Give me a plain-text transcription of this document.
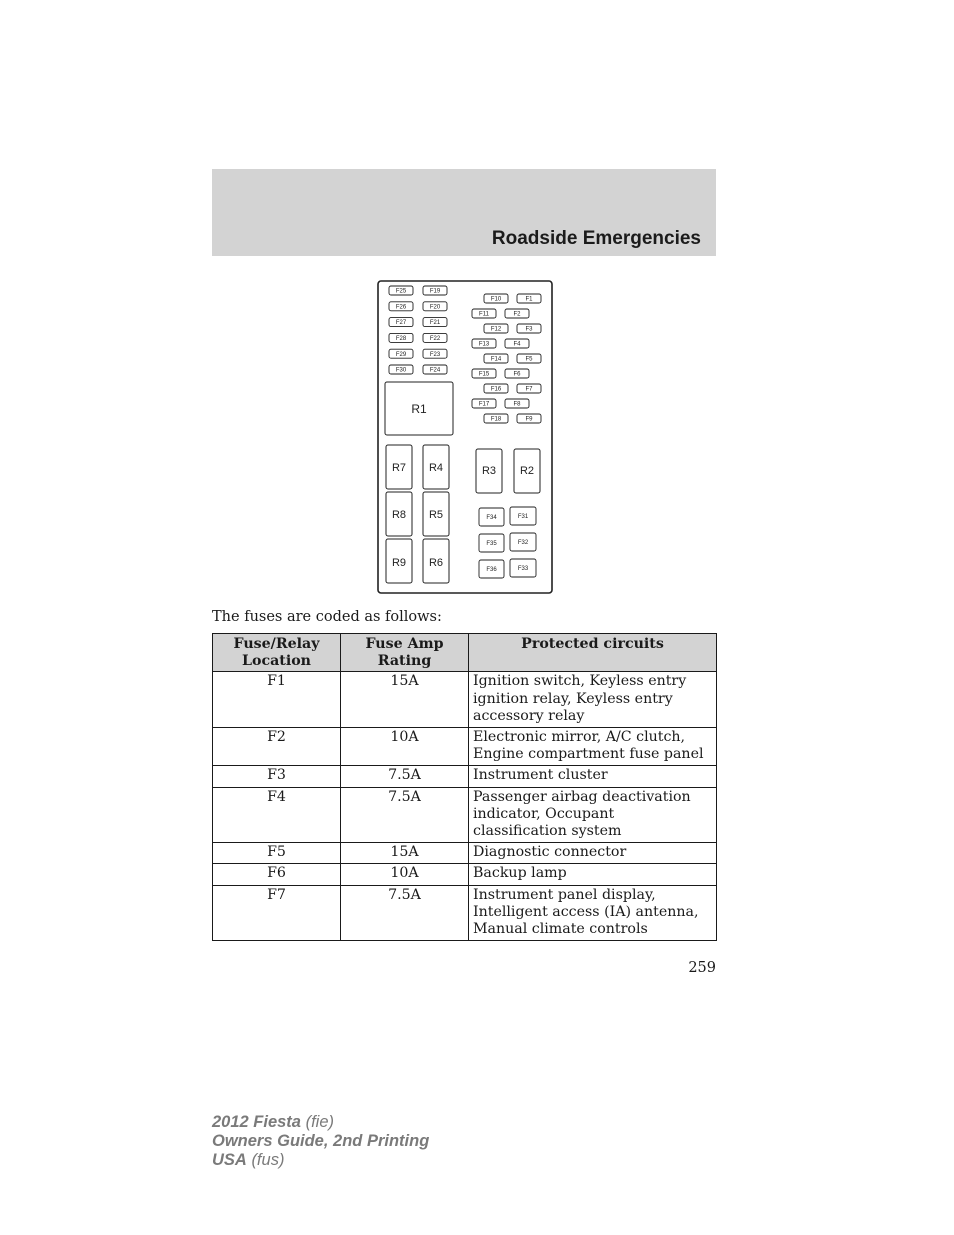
Roadside Emergencies
F25	F19
F26	F20
F27	F21
F28	F22
F29	F23
F30	F24
F10	F1
F11	F2
F12	F3
F13	F4
F14	F5
F15	F6
F16	F7
F17	F8
F18	F9
F34	F31
F35	F32
F36	F33
R1
R7 R4
R8 R5
R9 R6
R3 R2
The fuses are coded as follows:
Fuse/Relay Location	Fuse Amp Rating	Protected circuits
F1	15A	Ignition switch, Keyless entry ignition relay, Keyless entry accessory relay
F2	10A	Electronic mirror, A/C clutch, Engine compartment fuse panel
F3	7.5A	Instrument cluster
F4	7.5A	Passenger airbag deactivation indicator, Occupant classification system
F5	15A	Diagnostic connector
F6	10A	Backup lamp
F7	7.5A	Instrument panel display, Intelligent access (IA) antenna, Manual climate controls
259
2012 Fiesta (fie)
Owners Guide, 2nd Printing
USA (fus)
